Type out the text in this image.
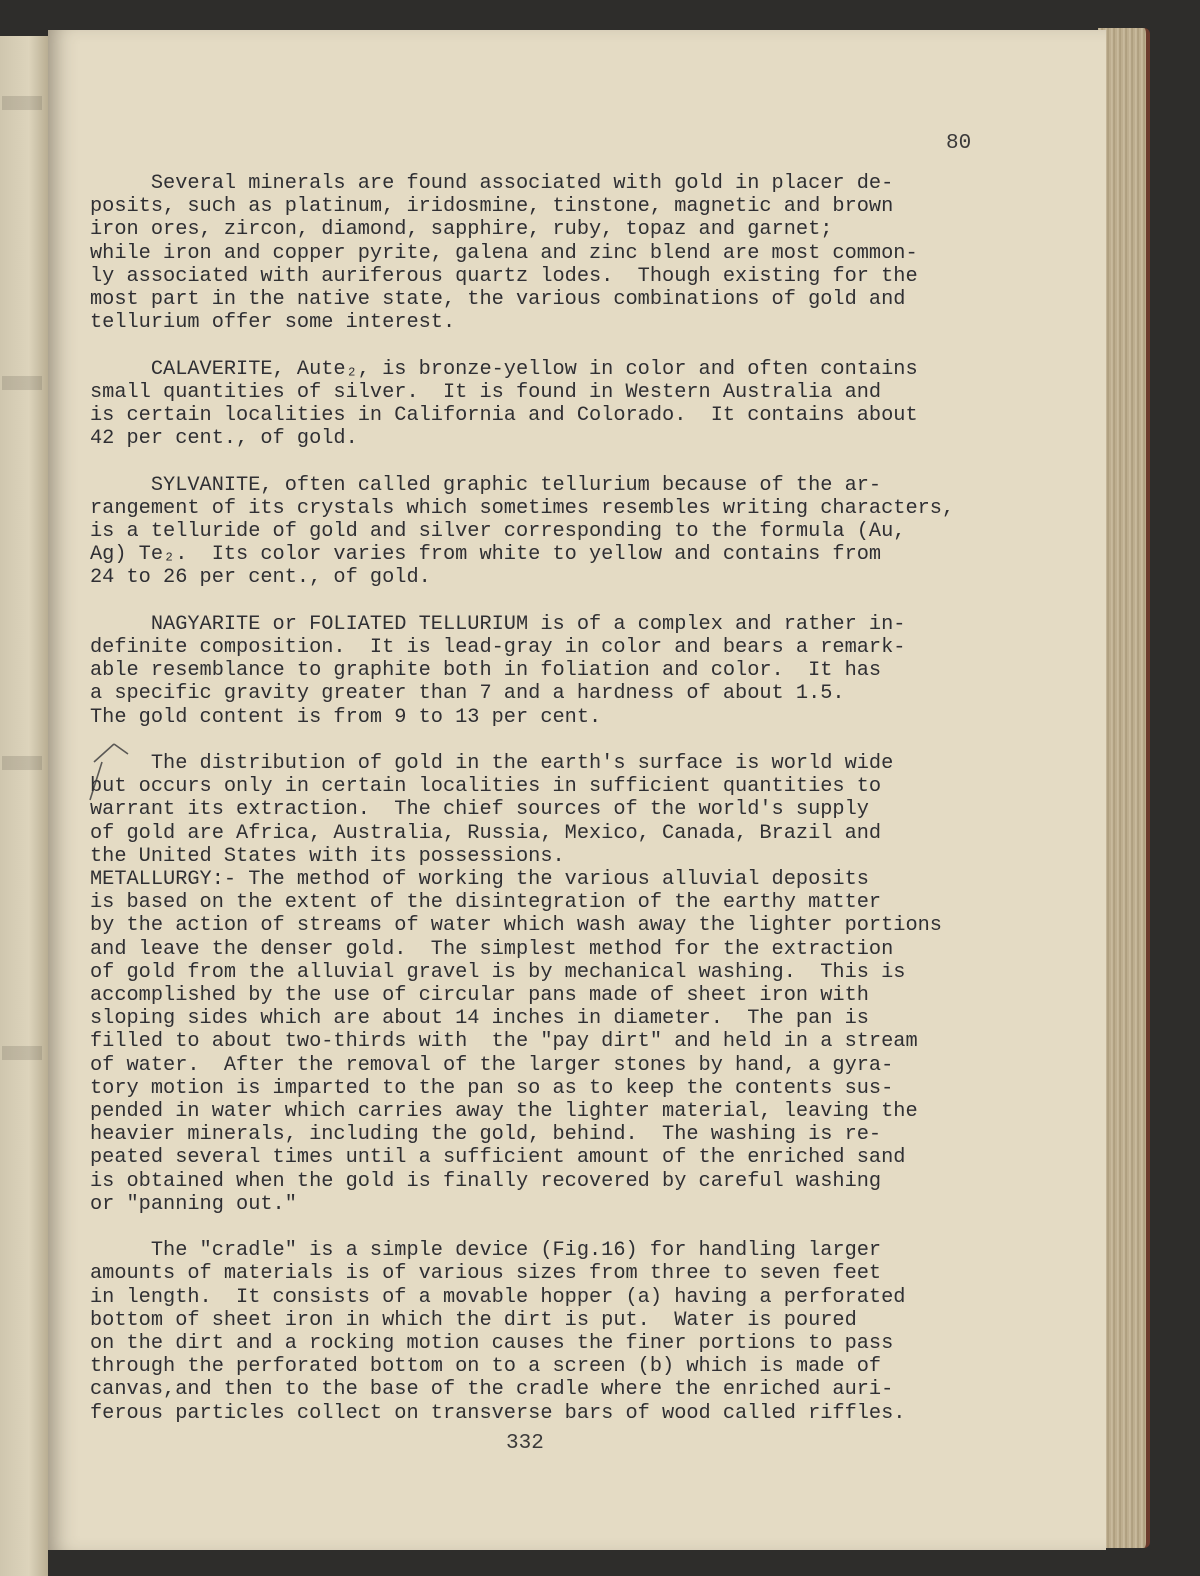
80
Several minerals are found associated with gold in placer de-
posits, such as platinum, iridosmine, tinstone, magnetic and brown
iron ores, zircon, diamond, sapphire, ruby, topaz and garnet;
while iron and copper pyrite, galena and zinc blend are most common-
ly associated with auriferous quartz lodes.  Though existing for the
most part in the native state, the various combinations of gold and
tellurium offer some interest.
CALAVERITE, Aute₂, is bronze-yellow in color and often contains
small quantities of silver.  It is found in Western Australia and
is certain localities in California and Colorado.  It contains about
42 per cent., of gold.
SYLVANITE, often called graphic tellurium because of the ar-
rangement of its crystals which sometimes resembles writing characters,
is a telluride of gold and silver corresponding to the formula (Au,
Ag) Te₂.  Its color varies from white to yellow and contains from
24 to 26 per cent., of gold.
NAGYARITE or FOLIATED TELLURIUM is of a complex and rather in-
definite composition.  It is lead-gray in color and bears a remark-
able resemblance to graphite both in foliation and color.  It has
a specific gravity greater than 7 and a hardness of about 1.5.
The gold content is from 9 to 13 per cent.
The distribution of gold in the earth's surface is world wide
but occurs only in certain localities in sufficient quantities to
warrant its extraction.  The chief sources of the world's supply
of gold are Africa, Australia, Russia, Mexico, Canada, Brazil and
the United States with its possessions.
METALLURGY:- The method of working the various alluvial deposits
is based on the extent of the disintegration of the earthy matter
by the action of streams of water which wash away the lighter portions
and leave the denser gold.  The simplest method for the extraction
of gold from the alluvial gravel is by mechanical washing.  This is
accomplished by the use of circular pans made of sheet iron with
sloping sides which are about 14 inches in diameter.  The pan is
filled to about two-thirds with  the "pay dirt" and held in a stream
of water.  After the removal of the larger stones by hand, a gyra-
tory motion is imparted to the pan so as to keep the contents sus-
pended in water which carries away the lighter material, leaving the
heavier minerals, including the gold, behind.  The washing is re-
peated several times until a sufficient amount of the enriched sand
is obtained when the gold is finally recovered by careful washing
or "panning out."
The "cradle" is a simple device (Fig.16) for handling larger
amounts of materials is of various sizes from three to seven feet
in length.  It consists of a movable hopper (a) having a perforated
bottom of sheet iron in which the dirt is put.  Water is poured
on the dirt and a rocking motion causes the finer portions to pass
through the perforated bottom on to a screen (b) which is made of
canvas,and then to the base of the cradle where the enriched auri-
ferous particles collect on transverse bars of wood called riffles.
332
